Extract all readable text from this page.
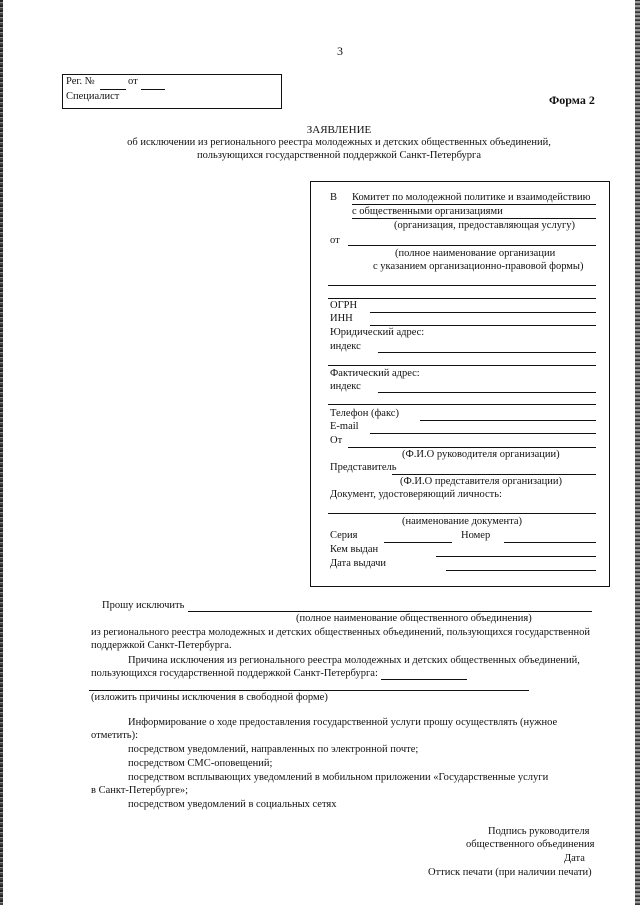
3
Рег. №	от
Специалист	Форма 2
ЗАЯВЛЕНИЕ
об исключении из регионального реестра молодежных и детских общественных объединений,
пользующихся государственной поддержкой Санкт-Петербурга
В Комитет по молодежной политике и взаимодействию
с общественными организациями
(организация, предоставляющая услугу)
от
(полное наименование организации
с указанием организационно-правовой формы)
ОГРН
ИНН
Юридический адрес:
индекс
Фактический адрес:
индекс
Телефон (факс)
E-mail
От
(Ф.И.О руководителя организации)
Представитель
(Ф.И.О представителя организации)
Документ, удостоверяющий личность:
(наименование документа)
Серия	Номер
Кем выдан
Дата выдачи
Прошу исключить
(полное наименование общественного объединения)
из регионального реестра молодежных и детских общественных объединений, пользующихся государственной
поддержкой Санкт-Петербурга.
Причина исключения из регионального реестра молодежных и детских общественных объединений,
пользующихся государственной поддержкой Санкт-Петербурга:
(изложить причины исключения в свободной форме)
Информирование о ходе предоставления государственной услуги прошу осуществлять (нужное
отметить):
посредством уведомлений, направленных по электронной почте;
посредством СМС-оповещений;
посредством всплывающих уведомлений в мобильном приложении «Государственные услуги
в Санкт-Петербурге»;
посредством уведомлений в социальных сетях
Подпись руководителя
общественного объединения
Дата
Оттиск печати (при наличии печати)
